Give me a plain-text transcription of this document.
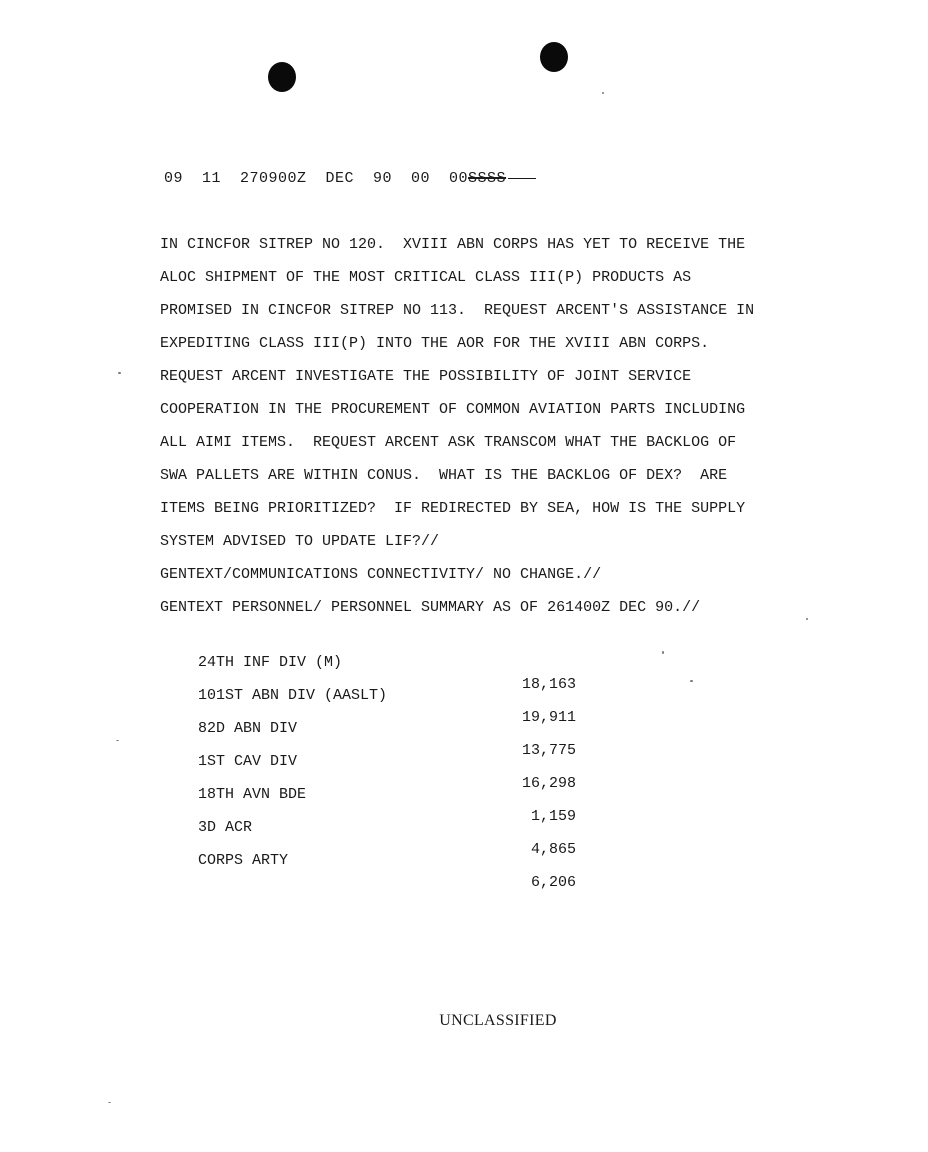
09  11  270900Z  DEC  90  00  00SSSS
IN CINCFOR SITREP NO 120.  XVIII ABN CORPS HAS YET TO RECEIVE THE
ALOC SHIPMENT OF THE MOST CRITICAL CLASS III(P) PRODUCTS AS
PROMISED IN CINCFOR SITREP NO 113.  REQUEST ARCENT'S ASSISTANCE IN
EXPEDITING CLASS III(P) INTO THE AOR FOR THE XVIII ABN CORPS.
REQUEST ARCENT INVESTIGATE THE POSSIBILITY OF JOINT SERVICE
COOPERATION IN THE PROCUREMENT OF COMMON AVIATION PARTS INCLUDING
ALL AIMI ITEMS.  REQUEST ARCENT ASK TRANSCOM WHAT THE BACKLOG OF
SWA PALLETS ARE WITHIN CONUS.  WHAT IS THE BACKLOG OF DEX?  ARE
ITEMS BEING PRIORITIZED?  IF REDIRECTED BY SEA, HOW IS THE SUPPLY
SYSTEM ADVISED TO UPDATE LIF?//
GENTEXT/COMMUNICATIONS CONNECTIVITY/ NO CHANGE.//
GENTEXT PERSONNEL/ PERSONNEL SUMMARY AS OF 261400Z DEC 90.//

24TH INF DIV (M)

18,163

101ST ABN DIV (AASLT)

19,911

82D ABN DIV

13,775

1ST CAV DIV

16,298

18TH AVN BDE

1,159

3D ACR

4,865

CORPS ARTY

6,206

UNCLASSIFIED
